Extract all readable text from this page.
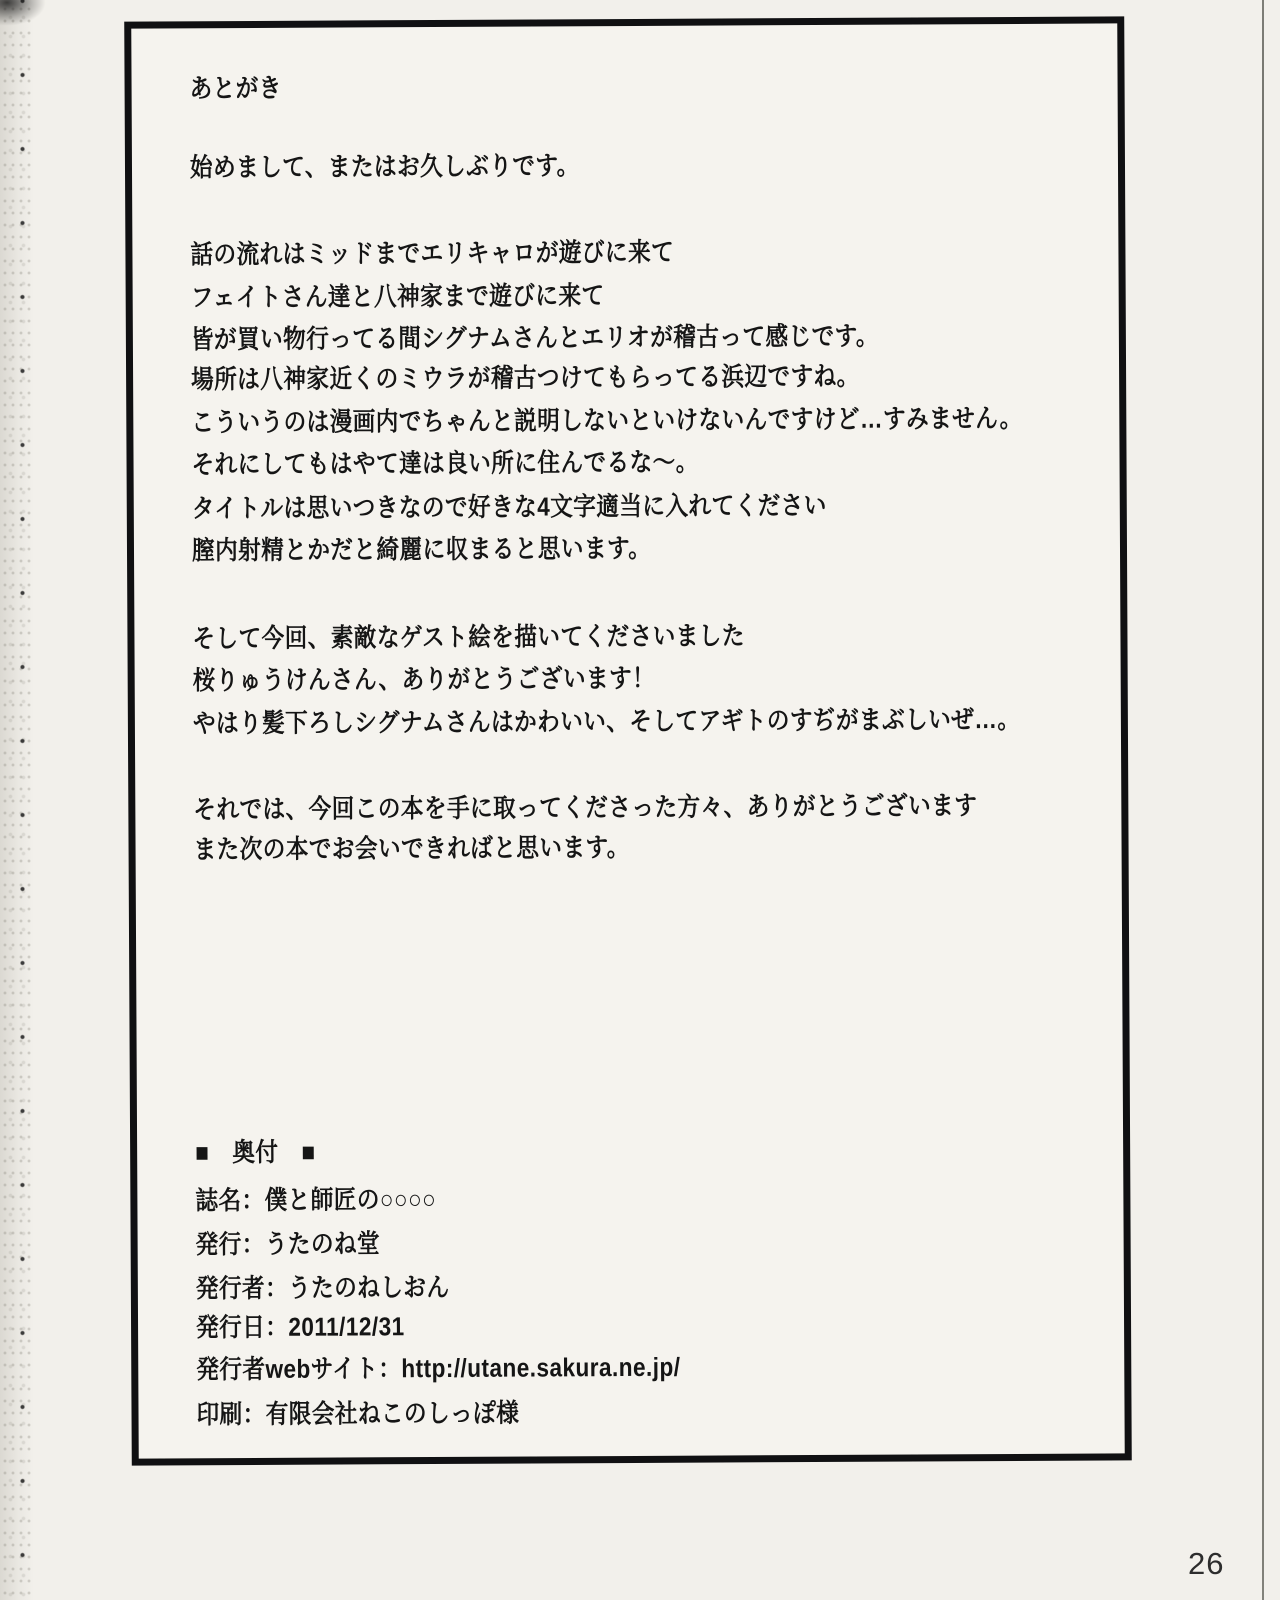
あとがき
始めまして、またはお久しぶりです。
話の流れはミッドまでエリキャロが遊びに来て
フェイトさん達と八神家まで遊びに来て
皆が買い物行ってる間シグナムさんとエリオが稽古って感じです。
場所は八神家近くのミウラが稽古つけてもらってる浜辺ですね。
こういうのは漫画内でちゃんと説明しないといけないんですけど…すみません。
それにしてもはやて達は良い所に住んでるな〜。
タイトルは思いつきなので好きな4文字適当に入れてください
膣内射精とかだと綺麗に収まると思います。
そして今回、素敵なゲスト絵を描いてくださいました
桜りゅうけんさん、ありがとうございます！
やはり髪下ろしシグナムさんはかわいい、そしてアギトのすぢがまぶしいぜ…。
それでは、今回この本を手に取ってくださった方々、ありがとうございます
また次の本でお会いできればと思います。
■　奥付　■
誌名：僕と師匠の○○○○
発行：うたのね堂
発行者：うたのねしおん
発行日：2011/12/31
発行者webサイト：http://utane.sakura.ne.jp/
印刷：有限会社ねこのしっぽ様
26
